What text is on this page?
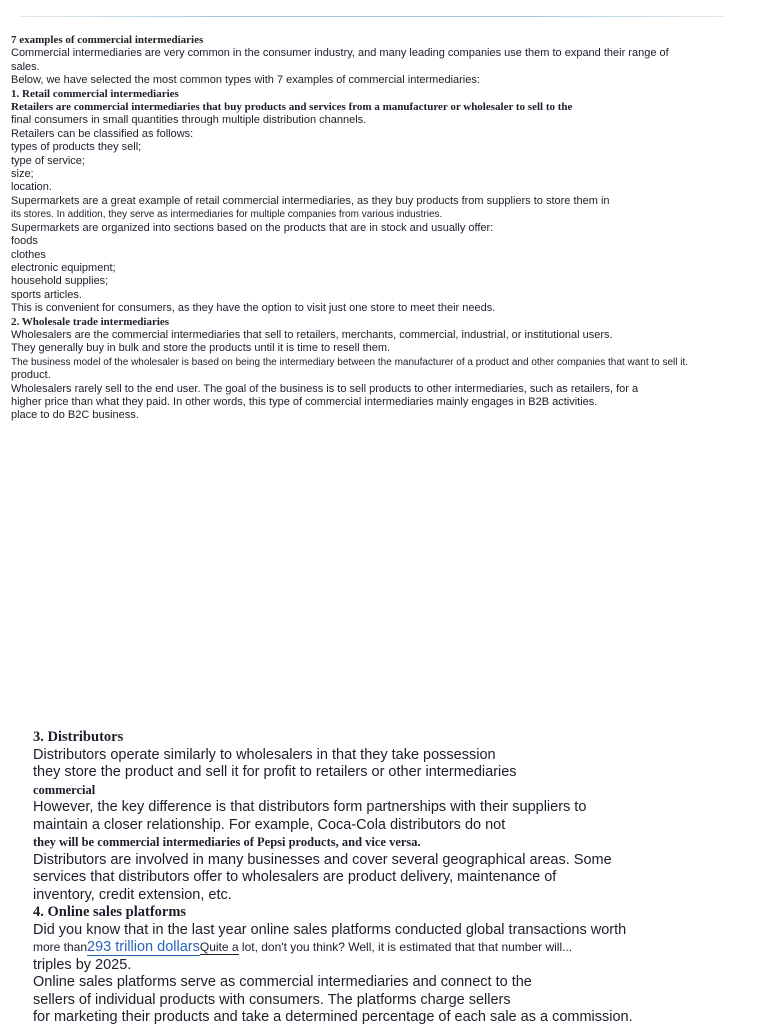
7 examples of commercial intermediaries
Commercial intermediaries are very common in the consumer industry, and many leading companies use them to expand their range of
sales.
Below, we have selected the most common types with 7 examples of commercial intermediaries:
1. Retail commercial intermediaries
Retailers are commercial intermediaries that buy products and services from a manufacturer or wholesaler to sell to the
final consumers in small quantities through multiple distribution channels.
Retailers can be classified as follows:
types of products they sell;
type of service;
size;
location.
Supermarkets are a great example of retail commercial intermediaries, as they buy products from suppliers to store them in
its stores. In addition, they serve as intermediaries for multiple companies from various industries.
Supermarkets are organized into sections based on the products that are in stock and usually offer:
foods
clothes
electronic equipment;
household supplies;
sports articles.
This is convenient for consumers, as they have the option to visit just one store to meet their needs.
2. Wholesale trade intermediaries
Wholesalers are the commercial intermediaries that sell to retailers, merchants, commercial, industrial, or institutional users.
They generally buy in bulk and store the products until it is time to resell them.
The business model of the wholesaler is based on being the intermediary between the manufacturer of a product and other companies that want to sell it.
product.
Wholesalers rarely sell to the end user. The goal of the business is to sell products to other intermediaries, such as retailers, for a
higher price than what they paid. In other words, this type of commercial intermediaries mainly engages in B2B activities.
place to do B2C business.
3. Distributors
Distributors operate similarly to wholesalers in that they take possession
they store the product and sell it for profit to retailers or other intermediaries
commercial
However, the key difference is that distributors form partnerships with their suppliers to
maintain a closer relationship. For example, Coca-Cola distributors do not
they will be commercial intermediaries of Pepsi products, and vice versa.
Distributors are involved in many businesses and cover several geographical areas. Some
services that distributors offer to wholesalers are product delivery, maintenance of
inventory, credit extension, etc.
4. Online sales platforms
Did you know that in the last year online sales platforms conducted global transactions worth
more than293 trillion dollarsQuite a lot, don't you think? Well, it is estimated that that number will...
triples by 2025.
Online sales platforms serve as commercial intermediaries and connect to the
sellers of individual products with consumers. The platforms charge sellers
for marketing their products and take a determined percentage of each sale as a commission.
